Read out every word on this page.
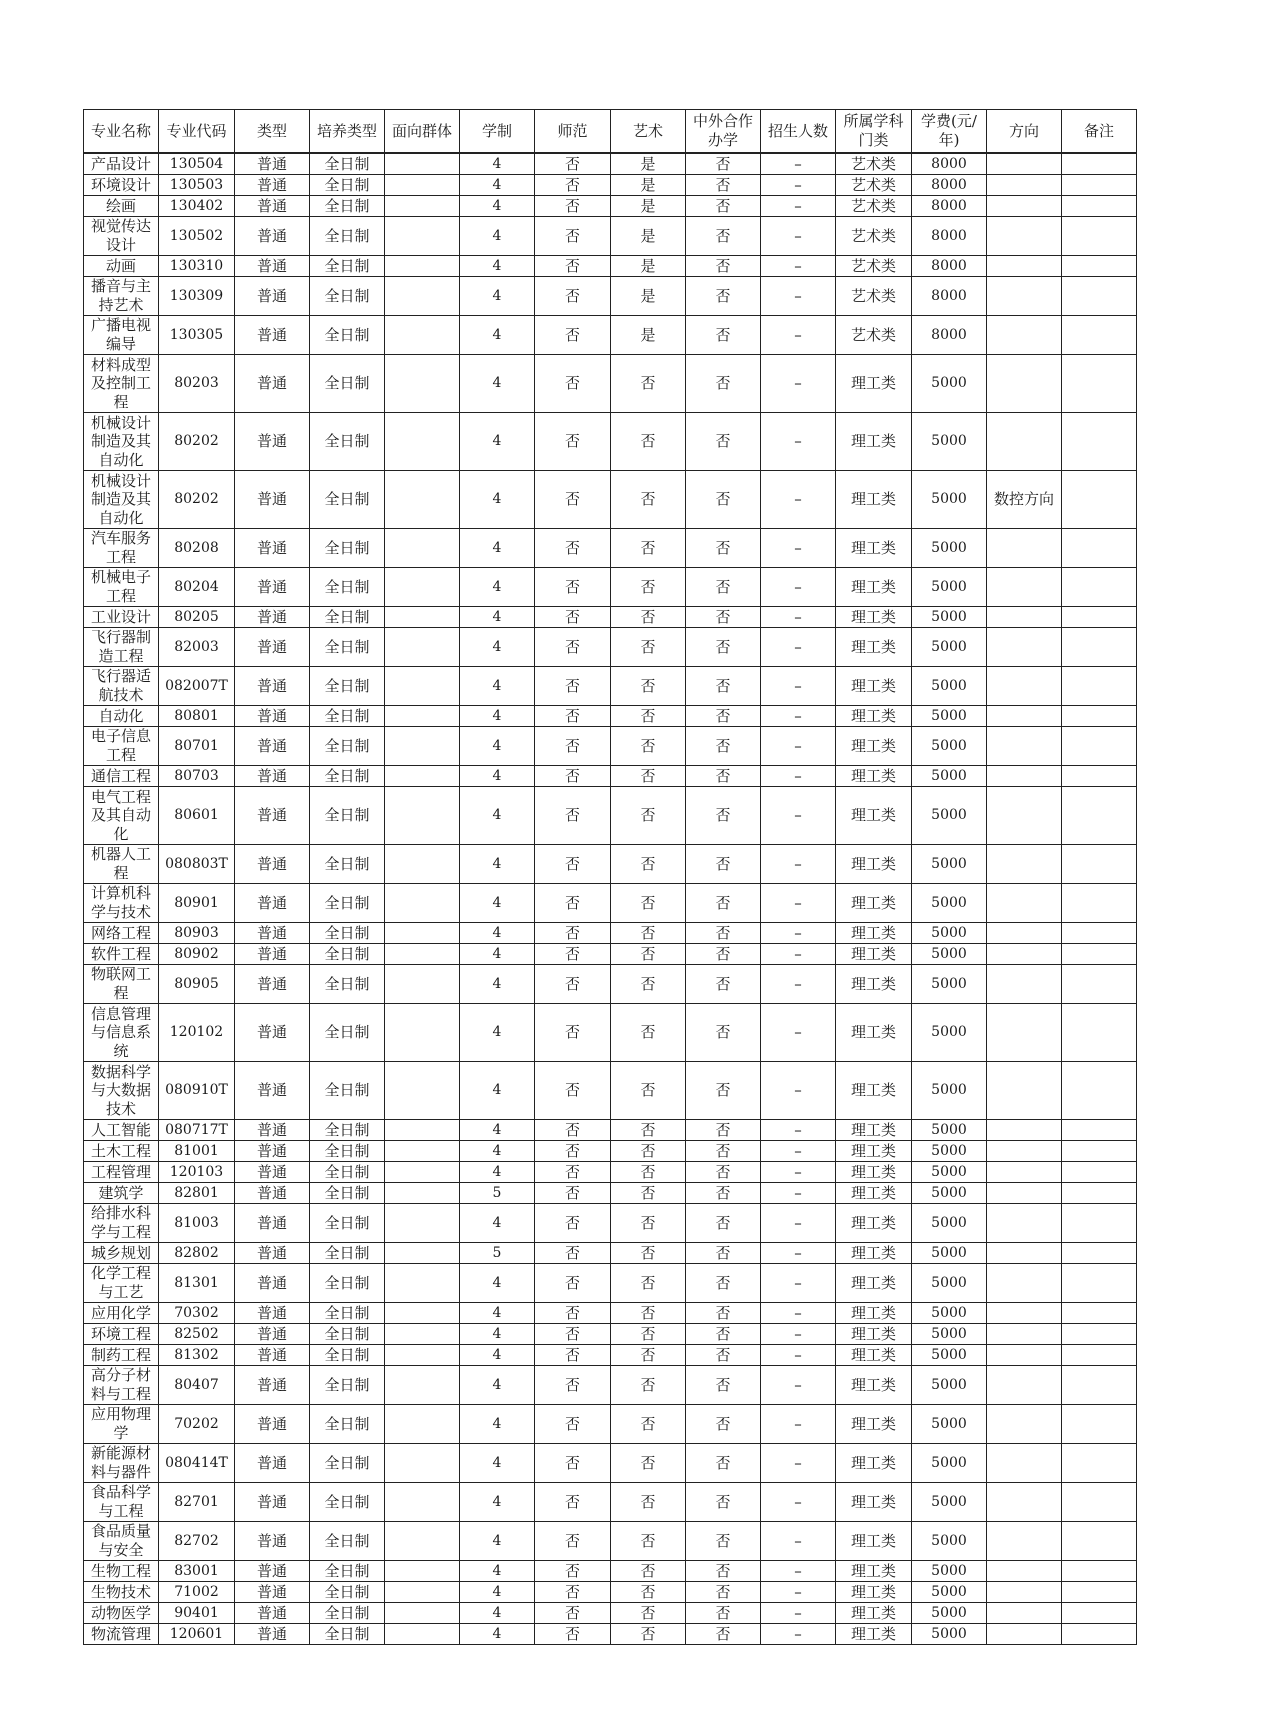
专业名称	专业代码	类型	培养类型	面向群体	学制	师范	艺术	中外合作办学	招生人数	所属学科门类	学费(元/年)	方向	备注
产品设计	130504	普通	全日制		4	否	是	否	–	艺术类	8000		
环境设计	130503	普通	全日制		4	否	是	否	–	艺术类	8000		
绘画	130402	普通	全日制		4	否	是	否	–	艺术类	8000		
视觉传达设计	130502	普通	全日制		4	否	是	否	–	艺术类	8000		
动画	130310	普通	全日制		4	否	是	否	–	艺术类	8000		
播音与主持艺术	130309	普通	全日制		4	否	是	否	–	艺术类	8000		
广播电视编导	130305	普通	全日制		4	否	是	否	–	艺术类	8000		
材料成型及控制工程	80203	普通	全日制		4	否	否	否	–	理工类	5000		
机械设计制造及其自动化	80202	普通	全日制		4	否	否	否	–	理工类	5000		
机械设计制造及其自动化	80202	普通	全日制		4	否	否	否	–	理工类	5000	数控方向	
汽车服务工程	80208	普通	全日制		4	否	否	否	–	理工类	5000		
机械电子工程	80204	普通	全日制		4	否	否	否	–	理工类	5000		
工业设计	80205	普通	全日制		4	否	否	否	–	理工类	5000		
飞行器制造工程	82003	普通	全日制		4	否	否	否	–	理工类	5000		
飞行器适航技术	082007T	普通	全日制		4	否	否	否	–	理工类	5000		
自动化	80801	普通	全日制		4	否	否	否	–	理工类	5000		
电子信息工程	80701	普通	全日制		4	否	否	否	–	理工类	5000		
通信工程	80703	普通	全日制		4	否	否	否	–	理工类	5000		
电气工程及其自动化	80601	普通	全日制		4	否	否	否	–	理工类	5000		
机器人工程	080803T	普通	全日制		4	否	否	否	–	理工类	5000		
计算机科学与技术	80901	普通	全日制		4	否	否	否	–	理工类	5000		
网络工程	80903	普通	全日制		4	否	否	否	–	理工类	5000		
软件工程	80902	普通	全日制		4	否	否	否	–	理工类	5000		
物联网工程	80905	普通	全日制		4	否	否	否	–	理工类	5000		
信息管理与信息系统	120102	普通	全日制		4	否	否	否	–	理工类	5000		
数据科学与大数据技术	080910T	普通	全日制		4	否	否	否	–	理工类	5000		
人工智能	080717T	普通	全日制		4	否	否	否	–	理工类	5000		
土木工程	81001	普通	全日制		4	否	否	否	–	理工类	5000		
工程管理	120103	普通	全日制		4	否	否	否	–	理工类	5000		
建筑学	82801	普通	全日制		5	否	否	否	–	理工类	5000		
给排水科学与工程	81003	普通	全日制		4	否	否	否	–	理工类	5000		
城乡规划	82802	普通	全日制		5	否	否	否	–	理工类	5000		
化学工程与工艺	81301	普通	全日制		4	否	否	否	–	理工类	5000		
应用化学	70302	普通	全日制		4	否	否	否	–	理工类	5000		
环境工程	82502	普通	全日制		4	否	否	否	–	理工类	5000		
制药工程	81302	普通	全日制		4	否	否	否	–	理工类	5000		
高分子材料与工程	80407	普通	全日制		4	否	否	否	–	理工类	5000		
应用物理学	70202	普通	全日制		4	否	否	否	–	理工类	5000		
新能源材料与器件	080414T	普通	全日制		4	否	否	否	–	理工类	5000		
食品科学与工程	82701	普通	全日制		4	否	否	否	–	理工类	5000		
食品质量与安全	82702	普通	全日制		4	否	否	否	–	理工类	5000		
生物工程	83001	普通	全日制		4	否	否	否	–	理工类	5000		
生物技术	71002	普通	全日制		4	否	否	否	–	理工类	5000		
动物医学	90401	普通	全日制		4	否	否	否	–	理工类	5000		
物流管理	120601	普通	全日制		4	否	否	否	–	理工类	5000		
